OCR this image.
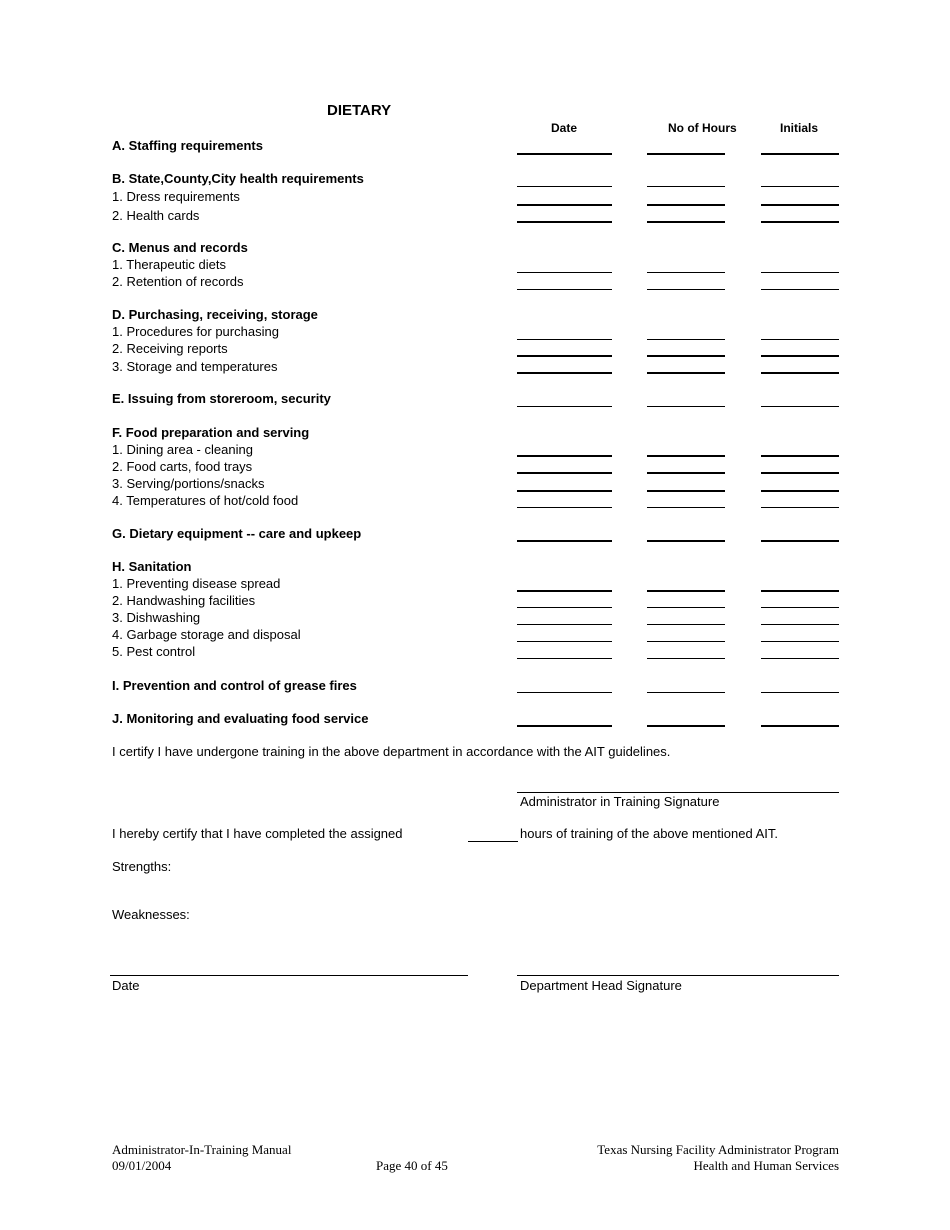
DIETARY
Date	No of Hours	Initials
A. Staffing requirements
B. State,County,City health requirements
1. Dress requirements
2. Health cards
C. Menus and records
1. Therapeutic diets
2. Retention of records
D. Purchasing, receiving, storage
1. Procedures for purchasing
2. Receiving reports
3. Storage and temperatures
E. Issuing from storeroom, security
F. Food preparation and serving
1. Dining area - cleaning
2. Food carts, food trays
3. Serving/portions/snacks
4. Temperatures of hot/cold food
G. Dietary equipment -- care and upkeep
H. Sanitation
1. Preventing disease spread
2. Handwashing facilities
3. Dishwashing
4. Garbage storage and disposal
5. Pest control
I. Prevention and control of grease fires
J. Monitoring and evaluating food service
I certify I have undergone training in the above department in accordance with the AIT guidelines.
Administrator in Training Signature
I hereby certify that I have completed the assigned	hours of training of the above mentioned AIT.
Strengths:
Weaknesses:
Date	Department Head Signature
Administrator-In-Training Manual
09/01/2004	Page 40 of 45
Texas Nursing Facility Administrator Program
Health and Human Services
